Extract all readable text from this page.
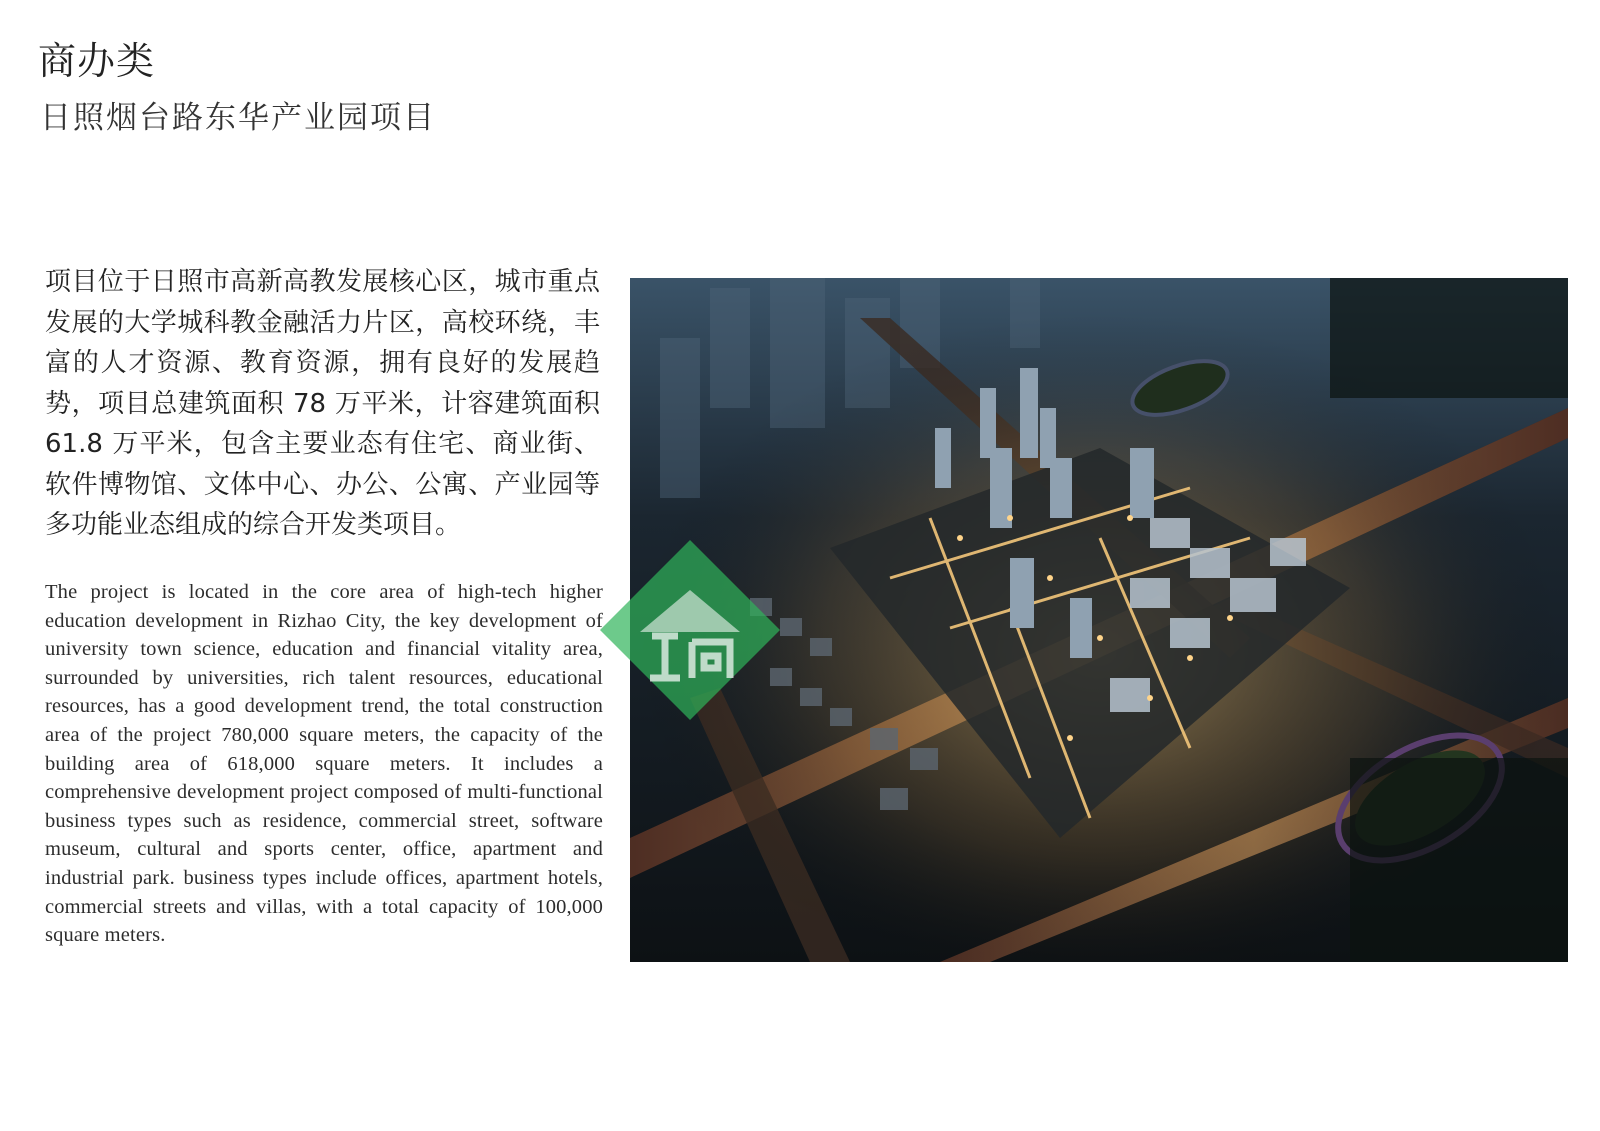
商办类
日照烟台路东华产业园项目
项目位于日照市高新高教发展核心区，城市重点发展的大学城科教金融活力片区，高校环绕，丰富的人才资源、教育资源，拥有良好的发展趋势，项目总建筑面积 78 万平米，计容建筑面积 61.8 万平米，包含主要业态有住宅、商业街、软件博物馆、文体中心、办公、公寓、产业园等多功能业态组成的综合开发类项目。
The project is located in the core area of high-tech higher education development in Rizhao City, the key development of university town science, education and financial vitality area, surrounded by universities, rich talent resources, educational resources, has a good development trend, the total construction area of the project 780,000 square meters, the capacity of the building area of 618,000 square meters. It includes a comprehensive development project composed of multi-functional business types such as residence, commercial street, software museum, cultural and sports center, office, apartment and industrial park. business types include offices, apartment hotels, commercial streets and villas, with a total capacity of 100,000 square meters.
